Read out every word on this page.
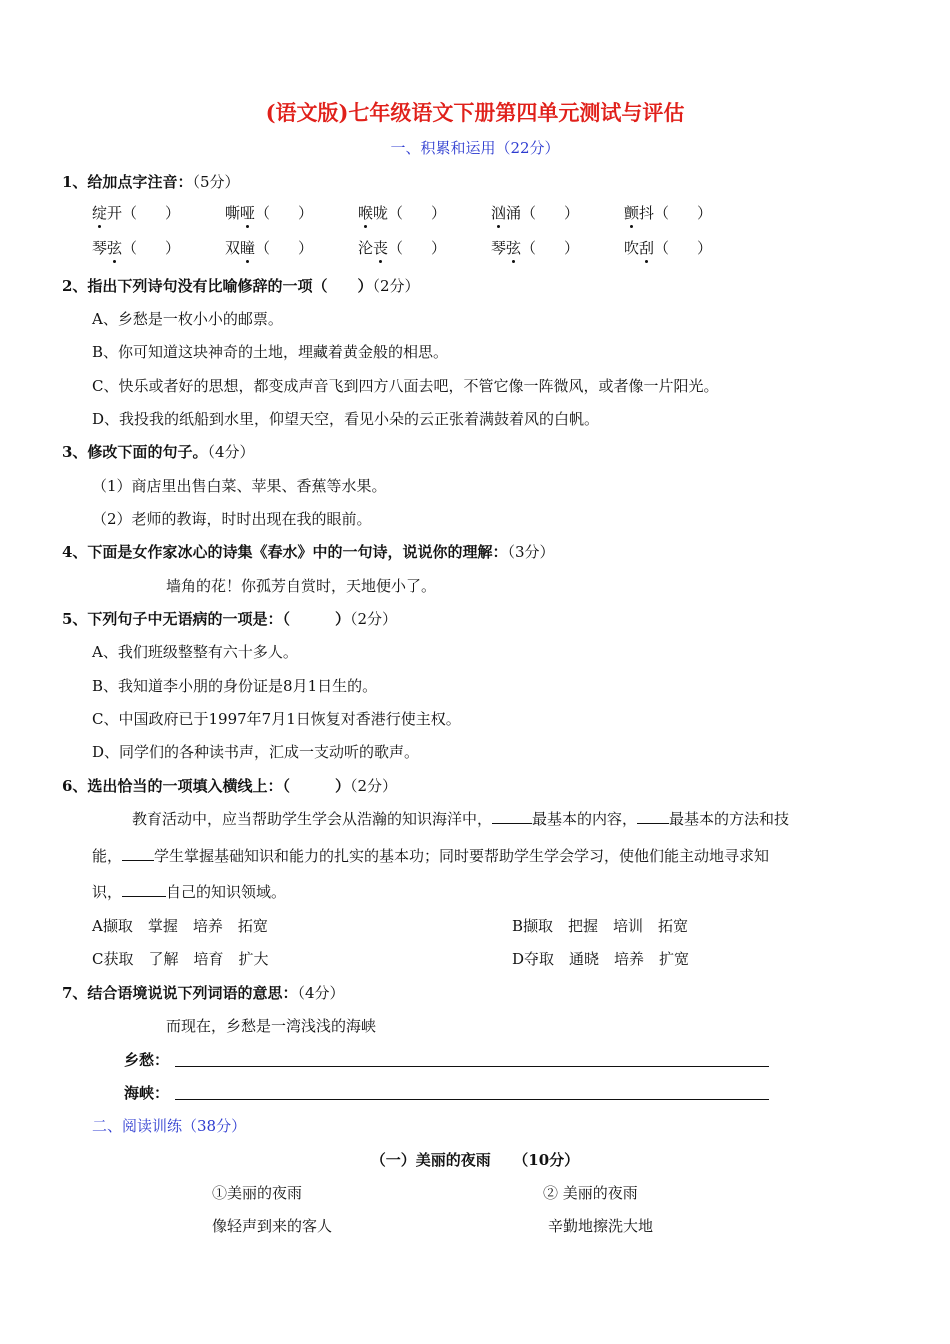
(语文版)七年级语文下册第四单元测试与评估
一、积累和运用（22分）
1、给加点字注音：（5分）
绽开 （ ）	嘶哑 （ ）	喉咙 （ ）	汹涌 （ ）	颤抖 （ ）
琴弦 （ ）	双瞳 （ ）	沦丧 （ ）	琴弦 （ ）	吹刮 （ ）
2、指出下列诗句没有比喻修辞的一项（　　）（2分）
A、乡愁是一枚小小的邮票。
B、你可知道这块神奇的土地，埋藏着黄金般的相思。
C、快乐或者好的思想，都变成声音飞到四方八面去吧，不管它像一阵微风，或者像一片阳光。
D、我投我的纸船到水里，仰望天空，看见小朵的云正张着满鼓着风的白帆。
3、修改下面的句子。（4分）
（1）商店里出售白菜、苹果、香蕉等水果。
（2）老师的教诲，时时出现在我的眼前。
4、下面是女作家冰心的诗集《春水》中的一句诗，说说你的理解：（3分）
墙角的花！你孤芳自赏时，天地便小了。
5、下列句子中无语病的一项是：（　　　）（2分）
A、我们班级整整有六十多人。
B、我知道李小朋的身份证是8月1日生的。
C、中国政府已于1997年7月1日恢复对香港行使主权。
D、同学们的各种读书声，汇成一支动听的歌声。
6、选出恰当的一项填入横线上：（　　　）（2分）
教育活动中，应当帮助学生学会从浩瀚的知识海洋中，	最基本的内容， 最基本的方法和技
能， 学生掌握基础知识和能力的扎实的基本功；同时要帮助学生学会学习，使他们能主动地寻求知
识，	自己的知识领域。
A撷取　掌握　培养　拓宽	B撷取　把握　培训　拓宽
C获取　了解　培育　扩大	D夺取　通晓　培养　扩宽
7、结合语境说说下列词语的意思：（4分）
而现在，乡愁是一湾浅浅的海峡
乡愁：
海峡：
二、阅读训练（38分）
（一）美丽的夜雨　　（10分）
①美丽的夜雨
像轻声到来的客人
② 美丽的夜雨
辛勤地擦洗大地
